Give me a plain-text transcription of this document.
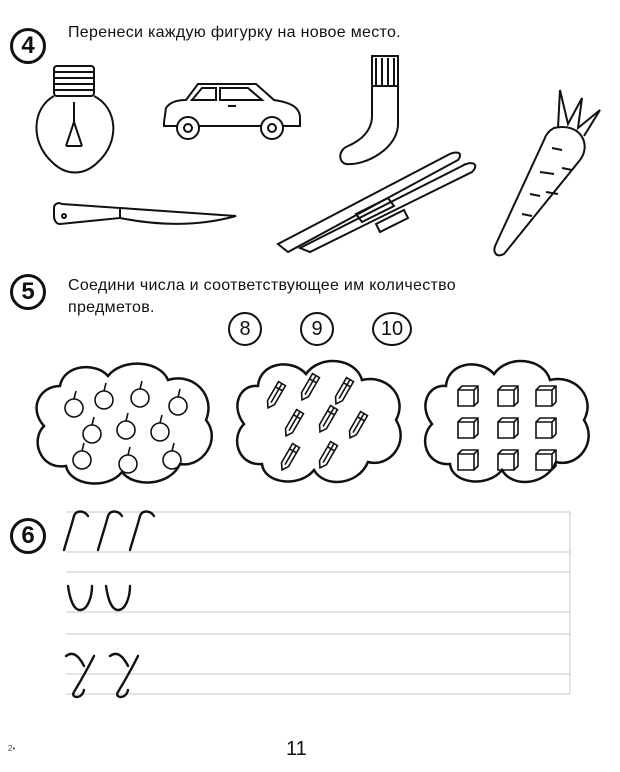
4	Перенеси каждую фигурку на новое место.
5	Соедини числа и соответствующее им количество
предметов.
8	9	10
6
11
2•
